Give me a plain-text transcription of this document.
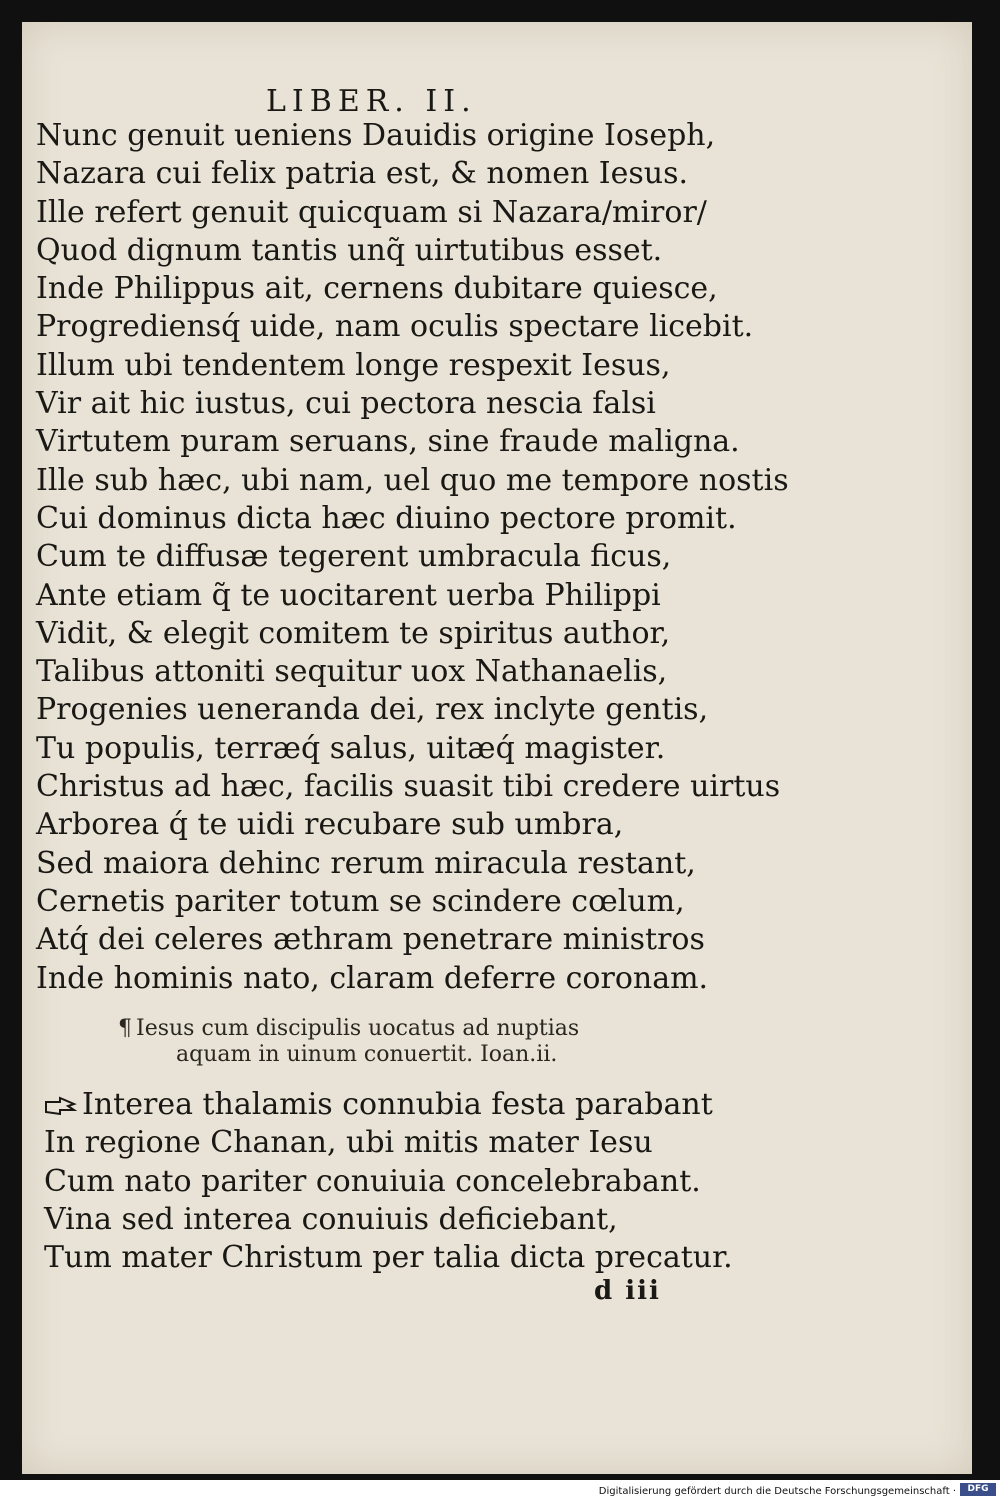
LIBER. II.
Nunc genuit ueniens Dauidis origine Ioseph,
Nazara cui felix patria est, & nomen Iesus.
Ille refert genuit quicquam si Nazara/miror/
Quod dignum tantis unq̃ uirtutibus esset.
Inde Philippus ait, cernens dubitare quiesce,
Progrediensq́ uide, nam oculis spectare licebit.
Illum ubi tendentem longe respexit Iesus,
Vir ait hic iustus, cui pectora nescia falsi
Virtutem puram seruans, sine fraude maligna.
Ille sub hæc, ubi nam, uel quo me tempore nostis
Cui dominus dicta hæc diuino pectore promit.
Cum te diffusæ tegerent umbracula ficus,
Ante etiam q̃ te uocitarent uerba Philippi
Vidit, & elegit comitem te spiritus author,
Talibus attoniti sequitur uox Nathanaelis,
Progenies ueneranda dei, rex inclyte gentis,
Tu populis, terræq́ salus, uitæq́ magister.
Christus ad hæc, facilis suasit tibi credere uirtus
Arborea q́ te uidi recubare sub umbra,
Sed maiora dehinc rerum miracula restant,
Cernetis pariter totum se scindere cœlum,
Atq́ dei celeres æthram penetrare ministros
Inde hominis nato, claram deferre coronam.
¶ Iesus cum discipulis uocatus ad nuptias
aquam in uinum conuertit. Ioan.ii.
Interea thalamis connubia festa parabant
In regione Chanan, ubi mitis mater Iesu
Cum nato pariter conuiuia concelebrabant.
Vina sed interea conuiuis deficiebant,
Tum mater Christum per talia dicta precatur.
d iii
Digitalisierung gefördert durch die Deutsche Forschungsgemeinschaft ·	DFG
